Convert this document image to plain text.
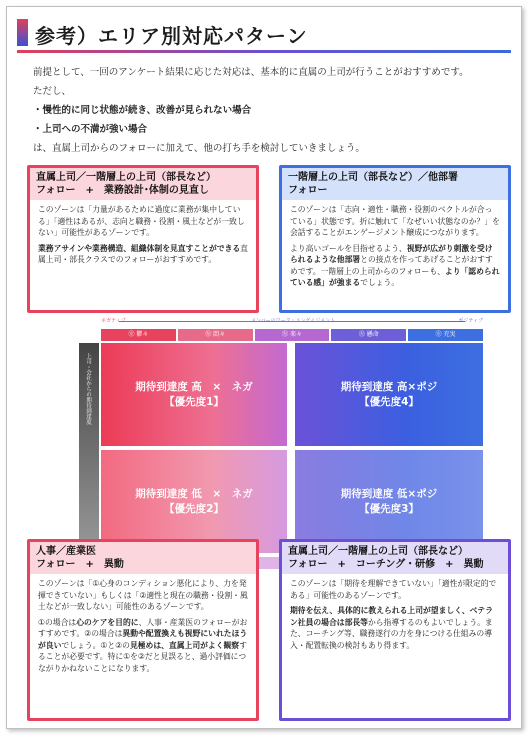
参考）エリア別対応パターン
前提として、一回のアンケート結果に応じた対応は、基本的に直属の上司が行うことがおすすめです。
ただし、
・慢性的に同じ状態が続き、改善が見られない場合
・上司への不満が強い場合
は、直属上司からのフォローに加えて、他の打ち手を検討していきましょう。
直属上司／一階層上の上司（部長など）
フォロー　+　業務設計･体制の見直し

このゾーンは「力量があるために過度に業務が集中している」「適性はあるが、志向と職務・役割・風土などが一致しない」可能性があるゾーンです。

業務アサインや業務構造、組織体制を見直すことができる直属上司・部長クラスでのフォローがおすすめです。

一階層上の上司（部長など）／他部署
フォロー

このゾーンは「志向・適性・職務・役割のベクトルが合っている」状態です。折に触れて「なぜいい状態なのか？」を会話することがエンゲージメント醸成につながります。

より高いゴールを目指せるよう、視野が広がり刺激を受けられるような他部署との接点を作ってあげることがおすすめです。一階層上の上司からのフォローも、より「認められている感」が強まるでしょう。

ネガティブ	メンバーのワーク・エンゲイジメント	ポジティブ
㊧ 鬱々	㊧ 悶々	㊧ 楽々	㊧ 懸命	㊧ 充実
上司・会社からの期待到達度	期待到達度 高　×　ネガ
【優先度1】
期待到達度 高×ポジ
【優先度4】
期待到達度 低　×　ネガ
【優先度2】
期待到達度 低×ポジ
【優先度3】
人事／産業医
フォロー　+　異動

このゾーンは「①心身のコンディション悪化により、力を発揮できていない」もしくは「②適性と現在の職務・役割・風土などが一致しない」可能性のあるゾーンです。

①の場合は心のケアを目的に、人事・産業医のフォローがおすすめです。②の場合は異動や配置換えも視野にいれたほうが良いでしょう。①と②の見極めは、直属上司がよく観察することが必要です。特に①を②だと見誤ると、過小評価につながりかねないことになります。

直属上司／一階層上の上司（部長など）
フォロー　+　コーチング・研修　+　異動

このゾーンは「期待を理解できていない」「適性が限定的である」可能性のあるゾーンです。

期待を伝え、具体的に教えられる上司が望ましく、ベテラン社員の場合は部長等から指導するのもよいでしょう。また、コーチング等、職務遂行の力を身につける仕組みの導入・配置転換の検討もあり得ます。
